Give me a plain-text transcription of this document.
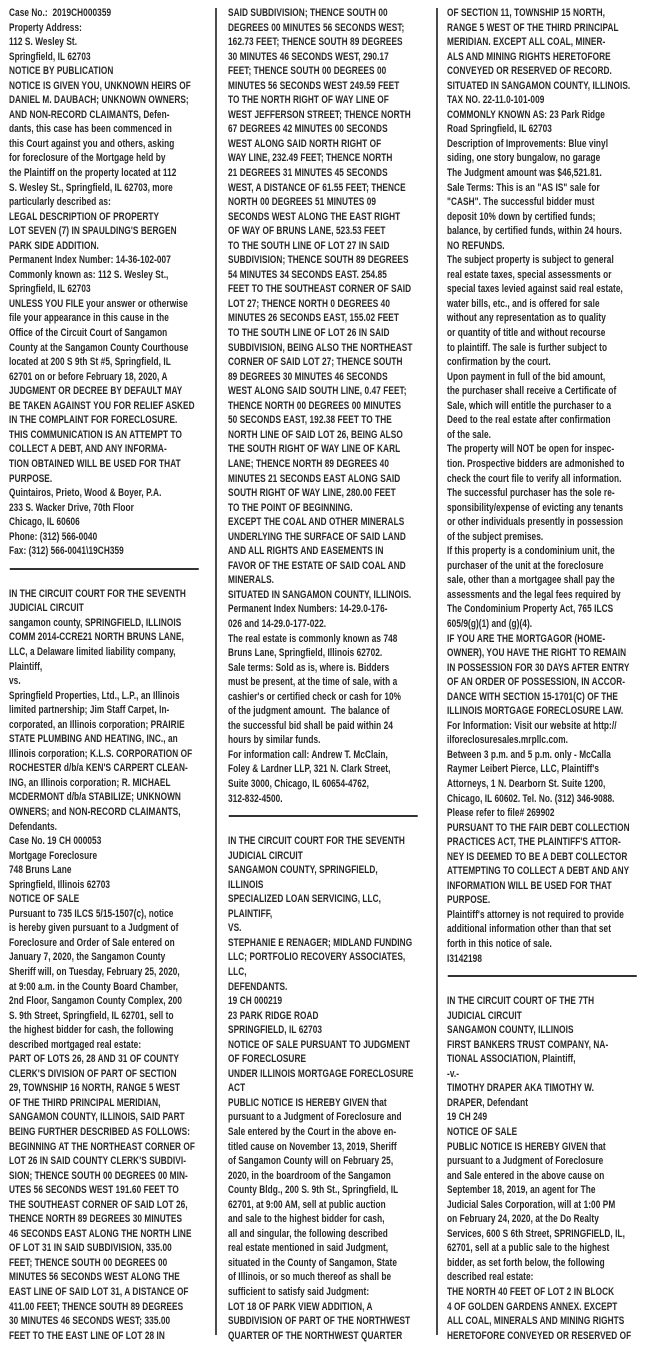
Case No.:  2019CH000359
Property Address:
112 S. Wesley St.
Springfield, IL 62703
NOTICE BY PUBLICATION
NOTICE IS GIVEN YOU, UNKNOWN HEIRS OF
DANIEL M. DAUBACH; UNKNOWN OWNERS;
AND NON-RECORD CLAIMANTS, Defen-
dants, this case has been commenced in
this Court against you and others, asking
for foreclosure of the Mortgage held by
the Plaintiff on the property located at 112
S. Wesley St., Springfield, IL 62703, more
particularly described as:
LEGAL DESCRIPTION OF PROPERTY
LOT SEVEN (7) IN SPAULDING'S BERGEN
PARK SIDE ADDITION.
Permanent Index Number: 14-36-102-007
Commonly known as: 112 S. Wesley St.,
Springfield, IL 62703
UNLESS YOU FILE your answer or otherwise
file your appearance in this cause in the
Office of the Circuit Court of Sangamon
County at the Sangamon County Courthouse
located at 200 S 9th St #5, Springfield, IL
62701 on or before February 18, 2020, A
JUDGMENT OR DECREE BY DEFAULT MAY
BE TAKEN AGAINST YOU FOR RELIEF ASKED
IN THE COMPLAINT FOR FORECLOSURE.
THIS COMMUNICATION IS AN ATTEMPT TO
COLLECT A DEBT, AND ANY INFORMA-
TION OBTAINED WILL BE USED FOR THAT
PURPOSE.
Quintairos, Prieto, Wood & Boyer, P.A.
233 S. Wacker Drive, 70th Floor
Chicago, IL 60606
Phone: (312) 566-0040
Fax: (312) 566-0041\19CH359
IN THE CIRCUIT COURT FOR THE SEVENTH
JUDICIAL CIRCUIT
sangamon county, SPRINGFIELD, ILLINOIS
COMM 2014-CCRE21 NORTH BRUNS LANE,
LLC, a Delaware limited liability company,
Plaintiff,
vs.
Springfield Properties, Ltd., L.P., an Illinois
limited partnership; Jim Staff Carpet, In-
corporated, an Illinois corporation; PRAIRIE
STATE PLUMBING AND HEATING, INC., an
Illinois corporation; K.L.S. CORPORATION OF
ROCHESTER d/b/a KEN'S CARPERT CLEAN-
ING, an Illinois corporation; R. MICHAEL
MCDERMONT d/b/a STABILIZE; UNKNOWN
OWNERS; and NON-RECORD CLAIMANTS,
Defendants.
Case No. 19 CH 000053
Mortgage Foreclosure
748 Bruns Lane
Springfield, Illinois 62703
NOTICE OF SALE
Pursuant to 735 ILCS 5/15-1507(c), notice
is hereby given pursuant to a Judgment of
Foreclosure and Order of Sale entered on
January 7, 2020, the Sangamon County
Sheriff will, on Tuesday, February 25, 2020,
at 9:00 a.m. in the County Board Chamber,
2nd Floor, Sangamon County Complex, 200
S. 9th Street, Springfield, IL 62701, sell to
the highest bidder for cash, the following
described mortgaged real estate:
PART OF LOTS 26, 28 AND 31 OF COUNTY
CLERK'S DIVISION OF PART OF SECTION
29, TOWNSHIP 16 NORTH, RANGE 5 WEST
OF THE THIRD PRINCIPAL MERIDIAN,
SANGAMON COUNTY, ILLINOIS, SAID PART
BEING FURTHER DESCRIBED AS FOLLOWS:
BEGINNING AT THE NORTHEAST CORNER OF
LOT 26 IN SAID COUNTY CLERK'S SUBDIVI-
SION; THENCE SOUTH 00 DEGREES 00 MIN-
UTES 56 SECONDS WEST 191.60 FEET TO
THE SOUTHEAST CORNER OF SAID LOT 26,
THENCE NORTH 89 DEGREES 30 MINUTES
46 SECONDS EAST ALONG THE NORTH LINE
OF LOT 31 IN SAID SUBDIVISION, 335.00
FEET; THENCE SOUTH 00 DEGREES 00
MINUTES 56 SECONDS WEST ALONG THE
EAST LINE OF SAID LOT 31, A DISTANCE OF
411.00 FEET; THENCE SOUTH 89 DEGREES
30 MINUTES 46 SECONDS WEST; 335.00
FEET TO THE EAST LINE OF LOT 28 IN
SAID SUBDIVISION; THENCE SOUTH 00
DEGREES 00 MINUTES 56 SECONDS WEST;
162.73 FEET; THENCE SOUTH 89 DEGREES
30 MINUTES 46 SECONDS WEST, 290.17
FEET; THENCE SOUTH 00 DEGREES 00
MINUTES 56 SECONDS WEST 249.59 FEET
TO THE NORTH RIGHT OF WAY LINE OF
WEST JEFFERSON STREET; THENCE NORTH
67 DEGREES 42 MINUTES 00 SECONDS
WEST ALONG SAID NORTH RIGHT OF
WAY LINE, 232.49 FEET; THENCE NORTH
21 DEGREES 31 MINUTES 45 SECONDS
WEST, A DISTANCE OF 61.55 FEET; THENCE
NORTH 00 DEGREES 51 MINUTES 09
SECONDS WEST ALONG THE EAST RIGHT
OF WAY OF BRUNS LANE, 523.53 FEET
TO THE SOUTH LINE OF LOT 27 IN SAID
SUBDIVISION; THENCE SOUTH 89 DEGREES
54 MINUTES 34 SECONDS EAST. 254.85
FEET TO THE SOUTHEAST CORNER OF SAID
LOT 27; THENCE NORTH 0 DEGREES 40
MINUTES 26 SECONDS EAST, 155.02 FEET
TO THE SOUTH LINE OF LOT 26 IN SAID
SUBDIVISION, BEING ALSO THE NORTHEAST
CORNER OF SAID LOT 27; THENCE SOUTH
89 DEGREES 30 MINUTES 46 SECONDS
WEST ALONG SAID SOUTH LINE, 0.47 FEET;
THENCE NORTH 00 DEGREES 00 MINUTES
50 SECONDS EAST, 192.38 FEET TO THE
NORTH LINE OF SAID LOT 26, BEING ALSO
THE SOUTH RIGHT OF WAY LINE OF KARL
LANE; THENCE NORTH 89 DEGREES 40
MINUTES 21 SECONDS EAST ALONG SAID
SOUTH RIGHT OF WAY LINE, 280.00 FEET
TO THE POINT OF BEGINNING.
EXCEPT THE COAL AND OTHER MINERALS
UNDERLYING THE SURFACE OF SAID LAND
AND ALL RIGHTS AND EASEMENTS IN
FAVOR OF THE ESTATE OF SAID COAL AND
MINERALS.
SITUATED IN SANGAMON COUNTY, ILLINOIS.
Permanent Index Numbers: 14-29.0-176-
026 and 14-29.0-177-022.
The real estate is commonly known as 748
Bruns Lane, Springfield, Illinois 62702.
Sale terms: Sold as is, where is. Bidders
must be present, at the time of sale, with a
cashier's or certified check or cash for 10%
of the judgment amount.  The balance of
the successful bid shall be paid within 24
hours by similar funds.
For information call: Andrew T. McClain,
Foley & Lardner LLP, 321 N. Clark Street,
Suite 3000, Chicago, IL 60654-4762,
312-832-4500.
IN THE CIRCUIT COURT FOR THE SEVENTH
JUDICIAL CIRCUIT
SANGAMON COUNTY, SPRINGFIELD,
ILLINOIS
SPECIALIZED LOAN SERVICING, LLC,
PLAINTIFF,
VS.
STEPHANIE E RENAGER; MIDLAND FUNDING
LLC; PORTFOLIO RECOVERY ASSOCIATES,
LLC,
DEFENDANTS.
19 CH 000219
23 PARK RIDGE ROAD
SPRINGFIELD, IL 62703
NOTICE OF SALE PURSUANT TO JUDGMENT
OF FORECLOSURE
UNDER ILLINOIS MORTGAGE FORECLOSURE
ACT
PUBLIC NOTICE IS HEREBY GIVEN that
pursuant to a Judgment of Foreclosure and
Sale entered by the Court in the above en-
titled cause on November 13, 2019, Sheriff
of Sangamon County will on February 25,
2020, in the boardroom of the Sangamon
County Bldg., 200 S. 9th St., Springfield, IL
62701, at 9:00 AM, sell at public auction
and sale to the highest bidder for cash,
all and singular, the following described
real estate mentioned in said Judgment,
situated in the County of Sangamon, State
of Illinois, or so much thereof as shall be
sufficient to satisfy said Judgment:
LOT 18 OF PARK VIEW ADDITION, A
SUBDIVISION OF PART OF THE NORTHWEST
QUARTER OF THE NORTHWEST QUARTER
OF SECTION 11, TOWNSHIP 15 NORTH,
RANGE 5 WEST OF THE THIRD PRINCIPAL
MERIDIAN. EXCEPT ALL COAL, MINER-
ALS AND MINING RIGHTS HERETOFORE
CONVEYED OR RESERVED OF RECORD.
SITUATED IN SANGAMON COUNTY, ILLINOIS.
TAX NO. 22-11.0-101-009
COMMONLY KNOWN AS: 23 Park Ridge
Road Springfield, IL 62703
Description of Improvements: Blue vinyl
siding, one story bungalow, no garage
The Judgment amount was $46,521.81.
Sale Terms: This is an "AS IS" sale for
"CASH". The successful bidder must
deposit 10% down by certified funds;
balance, by certified funds, within 24 hours.
NO REFUNDS.
The subject property is subject to general
real estate taxes, special assessments or
special taxes levied against said real estate,
water bills, etc., and is offered for sale
without any representation as to quality
or quantity of title and without recourse
to plaintiff. The sale is further subject to
confirmation by the court.
Upon payment in full of the bid amount,
the purchaser shall receive a Certificate of
Sale, which will entitle the purchaser to a
Deed to the real estate after confirmation
of the sale.
The property will NOT be open for inspec-
tion. Prospective bidders are admonished to
check the court file to verify all information.
The successful purchaser has the sole re-
sponsibility/expense of evicting any tenants
or other individuals presently in possession
of the subject premises.
If this property is a condominium unit, the
purchaser of the unit at the foreclosure
sale, other than a mortgagee shall pay the
assessments and the legal fees required by
The Condominium Property Act, 765 ILCS
605/9(g)(1) and (g)(4).
IF YOU ARE THE MORTGAGOR (HOME-
OWNER), YOU HAVE THE RIGHT TO REMAIN
IN POSSESSION FOR 30 DAYS AFTER ENTRY
OF AN ORDER OF POSSESSION, IN ACCOR-
DANCE WITH SECTION 15-1701(C) OF THE
ILLINOIS MORTGAGE FORECLOSURE LAW.
For Information: Visit our website at http://
ilforeclosuresales.mrpllc.com.
Between 3 p.m. and 5 p.m. only - McCalla
Raymer Leibert Pierce, LLC, Plaintiff's
Attorneys, 1 N. Dearborn St. Suite 1200,
Chicago, IL 60602. Tel. No. (312) 346-9088.
Please refer to file# 269902
PURSUANT TO THE FAIR DEBT COLLECTION
PRACTICES ACT, THE PLAINTIFF'S ATTOR-
NEY IS DEEMED TO BE A DEBT COLLECTOR
ATTEMPTING TO COLLECT A DEBT AND ANY
INFORMATION WILL BE USED FOR THAT
PURPOSE.
Plaintiff's attorney is not required to provide
additional information other than that set
forth in this notice of sale.
I3142198
IN THE CIRCUIT COURT OF THE 7TH
JUDICIAL CIRCUIT
SANGAMON COUNTY, ILLINOIS
FIRST BANKERS TRUST COMPANY, NA-
TIONAL ASSOCIATION, Plaintiff,
-v.-
TIMOTHY DRAPER AKA TIMOTHY W.
DRAPER, Defendant
19 CH 249
NOTICE OF SALE
PUBLIC NOTICE IS HEREBY GIVEN that
pursuant to a Judgment of Foreclosure
and Sale entered in the above cause on
September 18, 2019, an agent for The
Judicial Sales Corporation, will at 1:00 PM
on February 24, 2020, at the Do Realty
Services, 600 S 6th Street, SPRINGFIELD, IL,
62701, sell at a public sale to the highest
bidder, as set forth below, the following
described real estate:
THE NORTH 40 FEET OF LOT 2 IN BLOCK
4 OF GOLDEN GARDENS ANNEX. EXCEPT
ALL COAL, MINERALS AND MINING RIGHTS
HERETOFORE CONVEYED OR RESERVED OF
